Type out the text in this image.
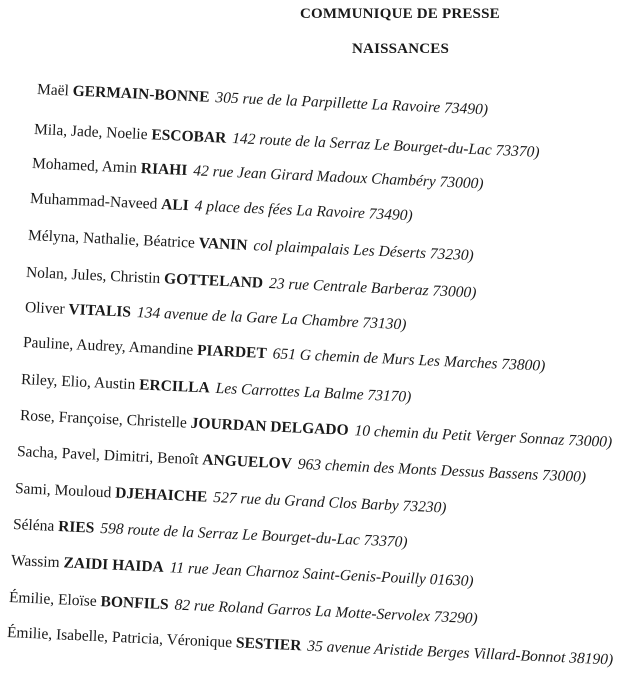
COMMUNIQUE DE PRESSE
NAISSANCES
Maël GERMAIN-BONNE 305 rue de la Parpillette La Ravoire 73490)
Mila, Jade, Noelie ESCOBAR 142 route de la Serraz Le Bourget-du-Lac 73370)
Mohamed, Amin RIAHI 42 rue Jean Girard Madoux Chambéry 73000)
Muhammad-Naveed ALI 4 place des fées La Ravoire 73490)
Mélyna, Nathalie, Béatrice VANIN col plaimpalais Les Déserts 73230)
Nolan, Jules, Christin GOTTELAND 23 rue Centrale Barberaz 73000)
Oliver VITALIS 134 avenue de la Gare La Chambre 73130)
Pauline, Audrey, Amandine PIARDET 651 G chemin de Murs Les Marches 73800)
Riley, Elio, Austin ERCILLA Les Carrottes La Balme 73170)
Rose, Françoise, Christelle JOURDAN DELGADO 10 chemin du Petit Verger Sonnaz 73000)
Sacha, Pavel, Dimitri, Benoît ANGUELOV 963 chemin des Monts Dessus Bassens 73000)
Sami, Mouloud DJEHAICHE 527 rue du Grand Clos Barby 73230)
Séléna RIES 598 route de la Serraz Le Bourget-du-Lac 73370)
Wassim ZAIDI HAIDA 11 rue Jean Charnoz Saint-Genis-Pouilly 01630)
Émilie, Eloïse BONFILS 82 rue Roland Garros La Motte-Servolex 73290)
Émilie, Isabelle, Patricia, Véronique SESTIER 35 avenue Aristide Berges Villard-Bonnot 38190)
